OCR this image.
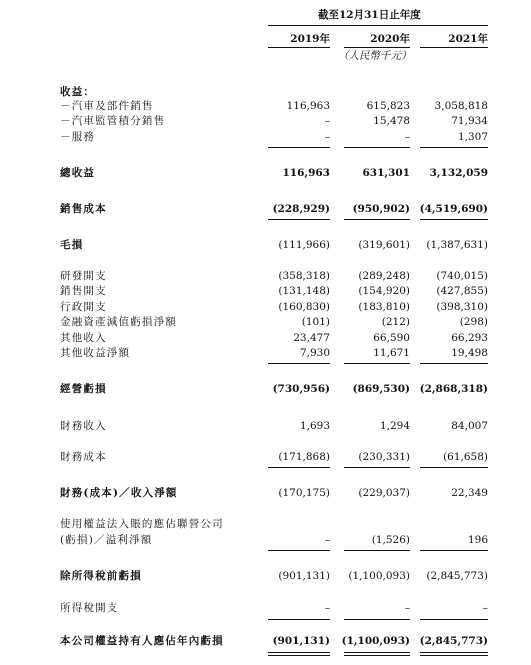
截至12月31日止年度
2019年	2020年	2021年
（人民幣千元）
收益：
－汽車及部件銷售	116,963	615,823	3,058,818
－汽車監管積分銷售	–	15,478	71,934
－服務	–	–	1,307
總收益	116,963	631,301	3,132,059
銷售成本	(228,929)	(950,902) (4,519,690)
毛損	(111,966)	(319,601)	(1,387,631)
研發開支	(358,318)	(289,248)	(740,015)
銷售開支	(131,148)	(154,920)	(427,855)
行政開支	(160,830)	(183,810)	(398,310)
金融資產減值虧損淨額	(101)	(212)	(298)
其他收入	23,477	66,590	66,293
其他收益淨額	7,930	11,671	19,498
經營虧損	(730,956)	(869,530) (2,868,318)
財務收入	1,693	1,294	84,007
財務成本	(171,868)	(230,331)	(61,658)
財務(成本)／收入淨額	(170,175)	(229,037)	22,349
使用權益法入賬的應佔聯營公司
(虧損)／溢利淨額	–	(1,526)	196
除所得稅前虧損	(901,131)	(1,100,093)	(2,845,773)
所得稅開支	–	–	–
本公司權益持有人應佔年內虧損	(901,131) (1,100,093) (2,845,773)
